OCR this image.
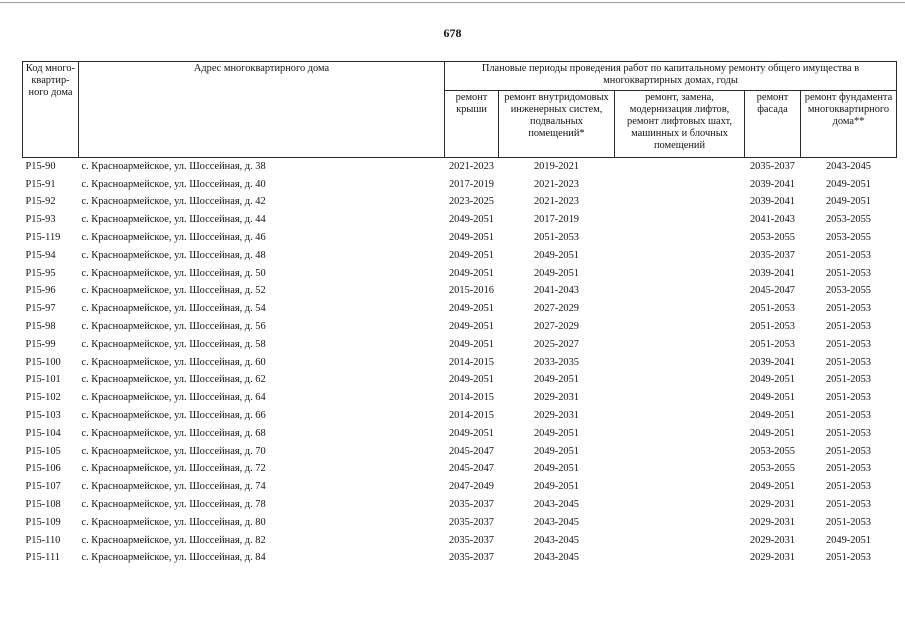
678
Код много-квартир-ного дома	Адрес многоквартирного дома	Плановые периоды проведения работ по капитальному ремонту общего имущества в многоквартирных домах, годы				
		ремонт крыши	ремонт внутридомовых инженерных систем, подвальных помещений*	ремонт, замена, модернизация лифтов, ремонт лифтовых шахт, машинных и блочных помещений	ремонт фасада	ремонт фундамента многоквартирного дома**
Р15-90	с. Красноармейское, ул. Шоссейная, д. 38	2021-2023	2019-2021		2035-2037	2043-2045
Р15-91	с. Красноармейское, ул. Шоссейная, д. 40	2017-2019	2021-2023		2039-2041	2049-2051
Р15-92	с. Красноармейское, ул. Шоссейная, д. 42	2023-2025	2021-2023		2039-2041	2049-2051
Р15-93	с. Красноармейское, ул. Шоссейная, д. 44	2049-2051	2017-2019		2041-2043	2053-2055
Р15-119	с. Красноармейское, ул. Шоссейная, д. 46	2049-2051	2051-2053		2053-2055	2053-2055
Р15-94	с. Красноармейское, ул. Шоссейная, д. 48	2049-2051	2049-2051		2035-2037	2051-2053
Р15-95	с. Красноармейское, ул. Шоссейная, д. 50	2049-2051	2049-2051		2039-2041	2051-2053
Р15-96	с. Красноармейское, ул. Шоссейная, д. 52	2015-2016	2041-2043		2045-2047	2053-2055
Р15-97	с. Красноармейское, ул. Шоссейная, д. 54	2049-2051	2027-2029		2051-2053	2051-2053
Р15-98	с. Красноармейское, ул. Шоссейная, д. 56	2049-2051	2027-2029		2051-2053	2051-2053
Р15-99	с. Красноармейское, ул. Шоссейная, д. 58	2049-2051	2025-2027		2051-2053	2051-2053
Р15-100	с. Красноармейское, ул. Шоссейная, д. 60	2014-2015	2033-2035		2039-2041	2051-2053
Р15-101	с. Красноармейское, ул. Шоссейная, д. 62	2049-2051	2049-2051		2049-2051	2051-2053
Р15-102	с. Красноармейское, ул. Шоссейная, д. 64	2014-2015	2029-2031		2049-2051	2051-2053
Р15-103	с. Красноармейское, ул. Шоссейная, д. 66	2014-2015	2029-2031		2049-2051	2051-2053
Р15-104	с. Красноармейское, ул. Шоссейная, д. 68	2049-2051	2049-2051		2049-2051	2051-2053
Р15-105	с. Красноармейское, ул. Шоссейная, д. 70	2045-2047	2049-2051		2053-2055	2051-2053
Р15-106	с. Красноармейское, ул. Шоссейная, д. 72	2045-2047	2049-2051		2053-2055	2051-2053
Р15-107	с. Красноармейское, ул. Шоссейная, д. 74	2047-2049	2049-2051		2049-2051	2051-2053
Р15-108	с. Красноармейское, ул. Шоссейная, д. 78	2035-2037	2043-2045		2029-2031	2051-2053
Р15-109	с. Красноармейское, ул. Шоссейная, д. 80	2035-2037	2043-2045		2029-2031	2051-2053
Р15-110	с. Красноармейское, ул. Шоссейная, д. 82	2035-2037	2043-2045		2029-2031	2049-2051
Р15-111	с. Красноармейское, ул. Шоссейная, д. 84	2035-2037	2043-2045		2029-2031	2051-2053
